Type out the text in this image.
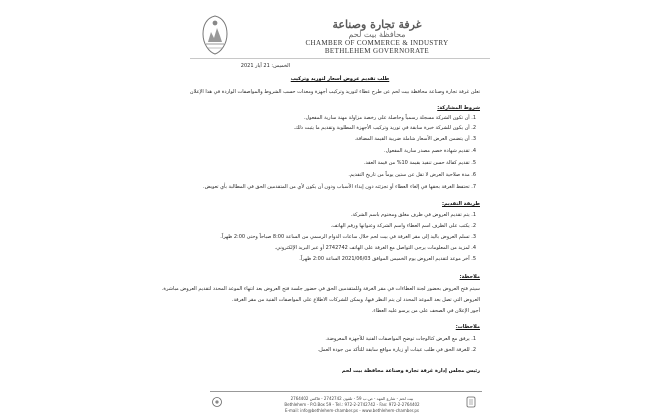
غرفة تجارة وصناعة
محافظة بيت لحم
CHAMBER OF COMMERCE & INDUSTRY
BETHLEHEM GOVERNORATE
الخميس: 21 آيار 2021
طلب تقديم عروض أسعار لتوريد وتركيب
تعلن غرفة تجارة وصناعة محافظة بيت لحم عن طرح عطاء لتوريد وتركيب أجهزة ومعدات حسب الشروط والمواصفات الواردة في هذا الإعلان
شروط المشاركة:
1. أن تكون الشركة مسجلة رسمياً وحاصلة على رخصة مزاولة مهنة سارية المفعول.
2. أن يكون للشركة خبرة سابقة في توريد وتركيب الأجهزة المطلوبة وتقديم ما يثبت ذلك.
3. أن يتضمن العرض الأسعار شاملة ضريبة القيمة المضافة.
4. تقديم شهادة خصم مصدر سارية المفعول.
5. تقديم كفالة حسن تنفيذ بقيمة 10% من قيمة العقد.
6. مدة صلاحية العرض لا تقل عن ستين يوماً من تاريخ التقديم.
7. تحتفظ الغرفة بحقها في إلغاء العطاء أو تجزئته دون إبداء الأسباب ودون أن يكون لأي من المتقدمين الحق في المطالبة بأي تعويض.
طريقة التقديم:
1. يتم تقديم العروض في ظرف مغلق ومختوم باسم الشركة.
2. يكتب على الظرف اسم العطاء واسم الشركة وعنوانها ورقم الهاتف.
3. تسلم العروض باليد إلى مقر الغرفة في بيت لحم خلال ساعات الدوام الرسمي من الساعة 8:00 صباحاً وحتى 2:00 ظهراً.
4. لمزيد من المعلومات يرجى التواصل مع الغرفة على الهاتف 2742742 أو عبر البريد الإلكتروني.
5. آخر موعد لتقديم العروض يوم الخميس الموافق 2021/06/03 الساعة 2:00 ظهراً.
ملاحظة:
سيتم فتح العروض بحضور لجنة العطاءات في مقر الغرفة وللمتقدمين الحق في حضور جلسة فتح العروض بعد انتهاء الموعد المحدد لتقديم العروض مباشرة.
العروض التي تصل بعد الموعد المحدد لن يتم النظر فيها، ويمكن للشركات الاطلاع على المواصفات الفنية من مقر الغرفة.
أجور الإعلان في الصحف على من يرسو عليه العطاء.
ملاحظات:
1. يرفق مع العرض كتالوجات توضح المواصفات الفنية للأجهزة المعروضة.
2. للغرفة الحق في طلب عينات أو زيارة مواقع سابقة للتأكد من جودة العمل.
رئيس مجلس إدارة غرفة تجارة وصناعة محافظة بيت لحم
بيت لحم - شارع المهد - ص.ب 59 - تلفون 2742742 - فاكس 2764402
Bethlehem - P.O.Box 59 - Tel.: 972-2-2742742 - Fax: 972-2-2764402
E-mail: info@bethlehem-chamber.ps - www.bethlehem-chamber.ps
